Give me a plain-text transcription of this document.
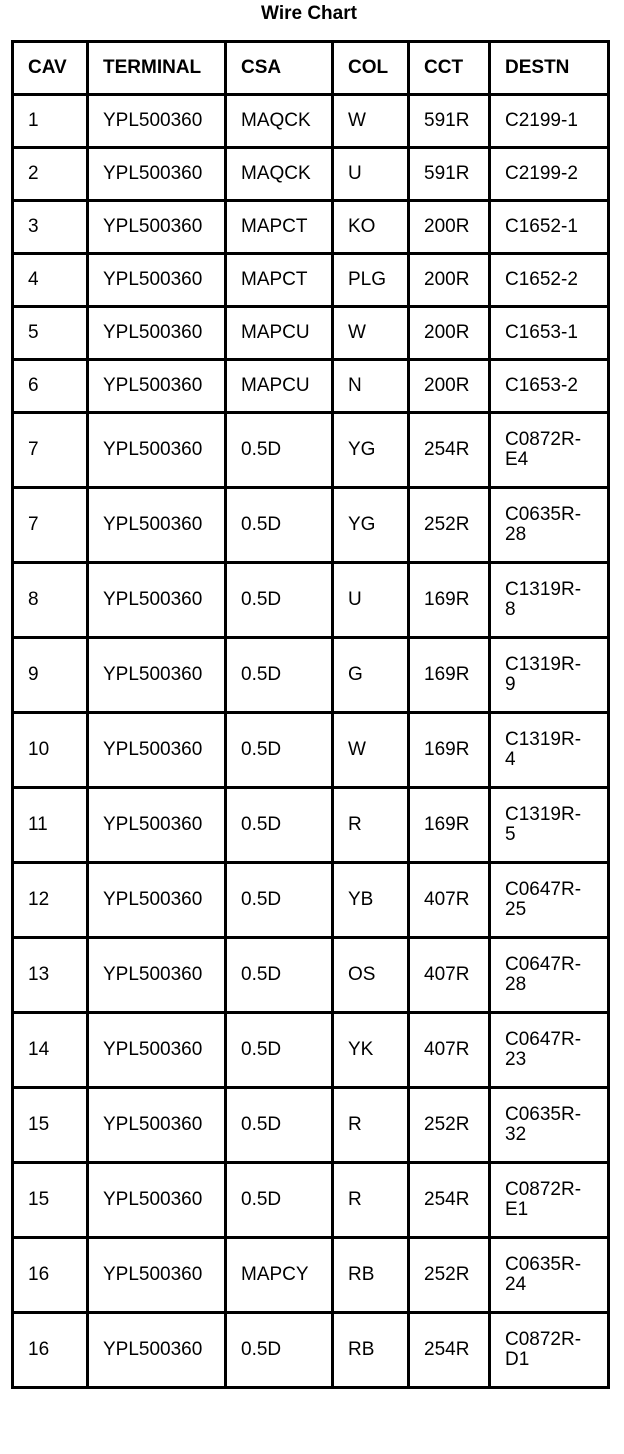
Wire Chart
CAV	TERMINAL	CSA	COL	CCT	DESTN
1	YPL500360	MAQCK	W	591R	C2199-1
2	YPL500360	MAQCK	U	591R	C2199-2
3	YPL500360	MAPCT	KO	200R	C1652-1
4	YPL500360	MAPCT	PLG	200R	C1652-2
5	YPL500360	MAPCU	W	200R	C1653-1
6	YPL500360	MAPCU	N	200R	C1653-2
7	YPL500360	0.5D	YG	254R	C0872R-
E4
7	YPL500360	0.5D	YG	252R	C0635R-
28
8	YPL500360	0.5D	U	169R	C1319R-
8
9	YPL500360	0.5D	G	169R	C1319R-
9
10	YPL500360	0.5D	W	169R	C1319R-
4
11	YPL500360	0.5D	R	169R	C1319R-
5
12	YPL500360	0.5D	YB	407R	C0647R-
25
13	YPL500360	0.5D	OS	407R	C0647R-
28
14	YPL500360	0.5D	YK	407R	C0647R-
23
15	YPL500360	0.5D	R	252R	C0635R-
32
15	YPL500360	0.5D	R	254R	C0872R-
E1
16	YPL500360	MAPCY	RB	252R	C0635R-
24
16	YPL500360	0.5D	RB	254R	C0872R-
D1
